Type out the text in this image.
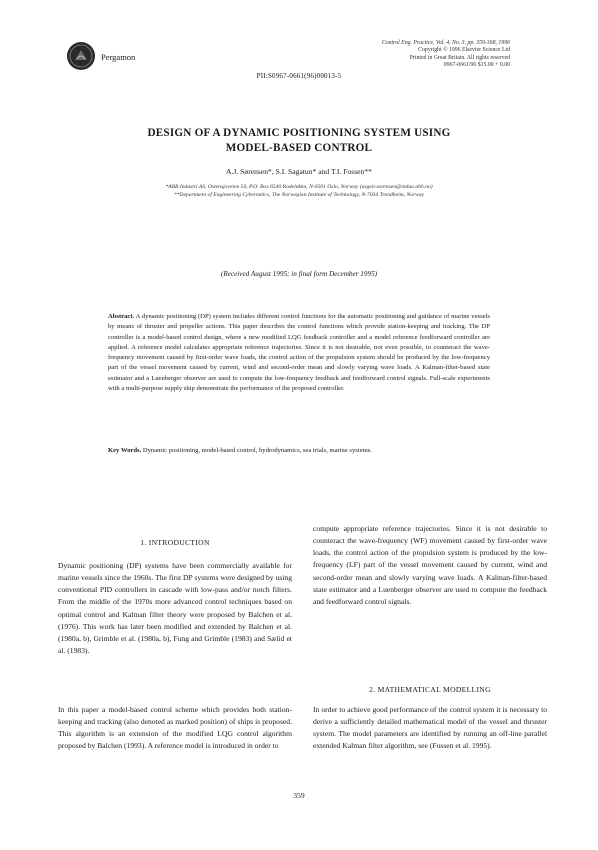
Pergamon
Control Eng. Practice, Vol. 4, No. 3, pp. 359-368, 1996
Copyright © 1996 Elsevier Science Ltd
Printed in Great Britain. All rights reserved
0967-0661/96 $15.00 + 0.00
PII:S0967-0661(96)00013-5
DESIGN OF A DYNAMIC POSITIONING SYSTEM USING
MODEL-BASED CONTROL
A.J. Sørensen*, S.I. Sagatun* and T.I. Fossen**
*ABB Industri AS, Ostensjoveien 50, P.O. Box 6540 Rodeløkka, N-0501 Oslo, Norway (asgeir.sorensen@induo.abb.no)
**Department of Engineering Cybernetics, The Norwegian Institute of Technology, N-7034 Trondheim, Norway
(Received August 1995; in final form December 1995)
Abstract. A dynamic positioning (DP) system includes different control functions for the automatic positioning and guidance of marine vessels by means of thruster and propeller actions. This paper describes the control functions which provide station-keeping and tracking. The DP controller is a model-based control design, where a new modified LQG feedback controller and a model reference feedforward controller are applied. A reference model calculates appropriate reference trajectories. Since it is not desirable, nor even possible, to counteract the wave-frequency movement caused by first-order wave loads, the control action of the propulsion system should be produced by the low-frequency part of the vessel movement caused by current, wind and second-order mean and slowly varying wave loads. A Kalman-filter-based state estimator and a Luenberger observer are used to compute the low-frequency feedback and feedforward control signals. Full-scale experiments with a multi-purpose supply ship demonstrate the performance of the proposed controller.
Key Words. Dynamic positioning, model-based control, hydrodynamics, sea trials, marine systems.
1. INTRODUCTION
Dynamic positioning (DP) systems have been commercially available for marine vessels since the 1960s. The first DP systems were designed by using conventional PID controllers in cascade with low-pass and/or notch filters. From the middle of the 1970s more advanced control techniques based on optimal control and Kalman filter theory were proposed by Balchen et al. (1976). This work has later been modified and extended by Balchen et al. (1980a, b), Grimble et al. (1980a, b), Fung and Grimble (1983) and Sælid et al. (1983).
In this paper a model-based control scheme which provides both station-keeping and tracking (also denoted as marked position) of ships is proposed. This algorithm is an extension of the modified LQG control algorithm proposed by Balchen (1993). A reference model is introduced in order to
compute appropriate reference trajectories. Since it is not desirable to counteract the wave-frequency (WF) movement caused by first-order wave loads, the control action of the propulsion system is produced by the low-frequency (LF) part of the vessel movement caused by current, wind and second-order mean and slowly varying wave loads. A Kalman-filter-based state estimator and a Luenberger observer are used to compute the feedback and feedforward control signals.
2. MATHEMATICAL MODELLING
In order to achieve good performance of the control system it is necessary to derive a sufficiently detailed mathematical model of the vessel and thruster system. The model parameters are identified by running an off-line parallel extended Kalman filter algorithm, see (Fossen et al. 1995).
359
